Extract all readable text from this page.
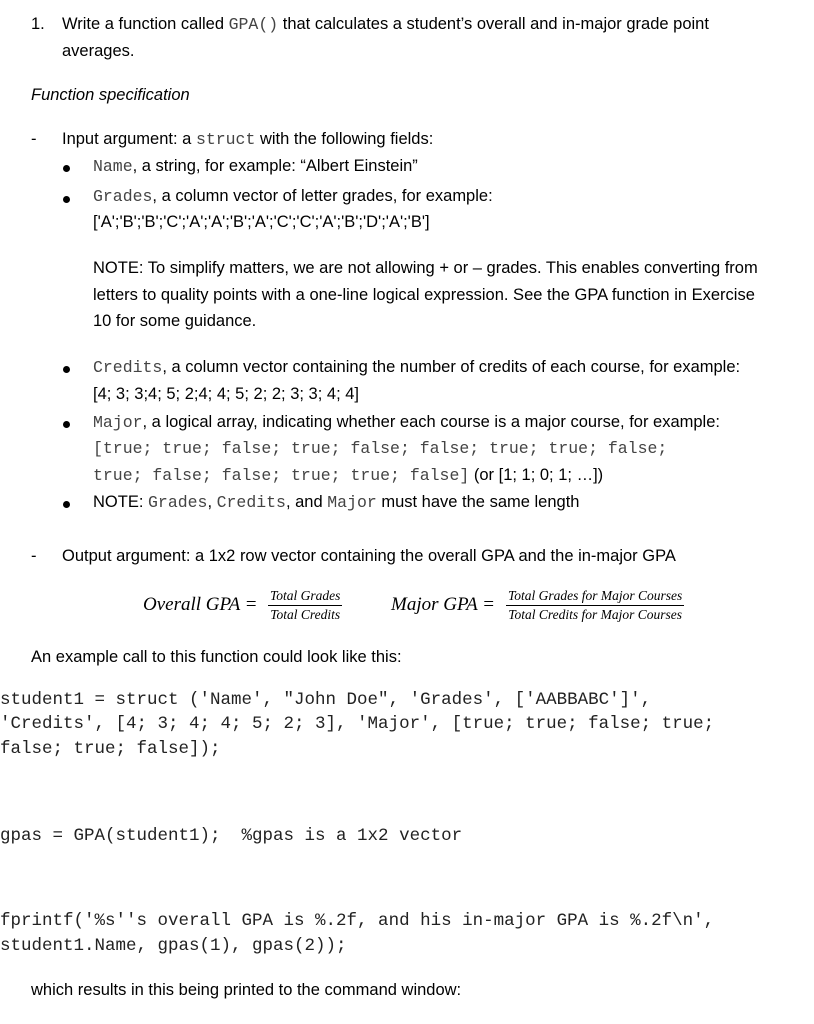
1. Write a function called GPA() that calculates a student’s overall and in-major grade point
averages.
Function specification
- Input argument: a struct with the following fields:
Name, a string, for example: “Albert Einstein”
Grades, a column vector of letter grades, for example:
['A';'B';'B';'C';'A';'A';'B';'A';'C';'C';'A';'B';'D';'A';'B']
NOTE: To simplify matters, we are not allowing + or – grades. This enables converting from
letters to quality points with a one-line logical expression. See the GPA function in Exercise
10 for some guidance.
Credits, a column vector containing the number of credits of each course, for example:
[4; 3; 3;4; 5; 2;4; 4; 5; 2; 2; 3; 3; 4; 4]
Major, a logical array, indicating whether each course is a major course, for example:
[true; true; false; true; false; false; true; true; false;
true; false; false; true; true; false] (or [1; 1; 0; 1; …])
NOTE: Grades, Credits, and Major must have the same length
- Output argument: a 1x2 row vector containing the overall GPA and the in-major GPA
Overall GPA = Total Grades
Total Credits	Major GPA = Total Grades for Major Courses
Total Credits for Major Courses
An example call to this function could look like this:
student1 = struct ('Name', "John Doe", 'Grades', ['AABBABC']',
'Credits', [4; 3; 4; 4; 5; 2; 3], 'Major', [true; true; false; true;
false; true; false]);
gpas = GPA(student1);  %gpas is a 1x2 vector
fprintf('%s''s overall GPA is %.2f, and his in-major GPA is %.2f\n',
student1.Name, gpas(1), gpas(2));
which results in this being printed to the command window:
